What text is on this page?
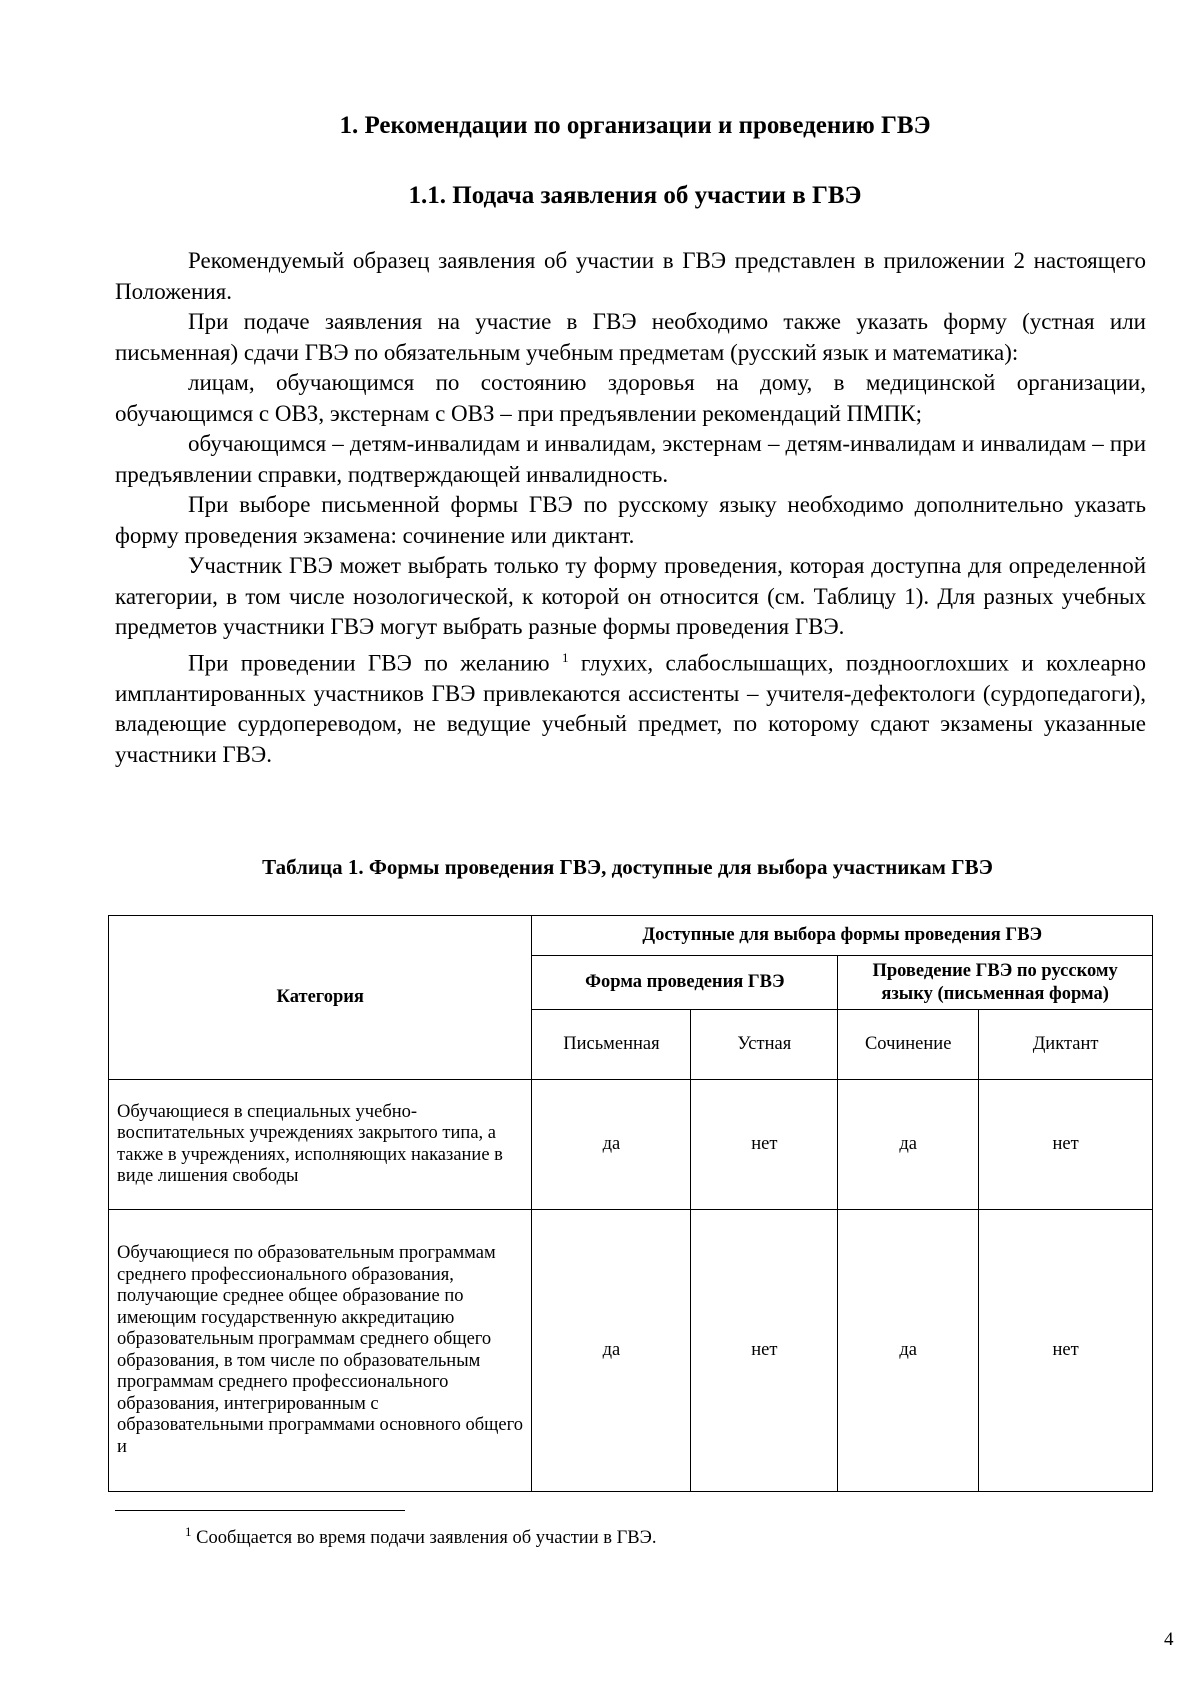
1. Рекомендации по организации и проведению ГВЭ
1.1. Подача заявления об участии в ГВЭ

Рекомендуемый образец заявления об участии в ГВЭ представлен в приложении 2 настоящего Положения.

При подаче заявления на участие в ГВЭ необходимо также указать форму (устная или письменная) сдачи ГВЭ по обязательным учебным предметам (русский язык и математика):

лицам, обучающимся по состоянию здоровья на дому, в медицинской организации, обучающимся с ОВЗ, экстернам с ОВЗ – при предъявлении рекомендаций ПМПК;

обучающимся – детям-инвалидам и инвалидам, экстернам – детям-инвалидам и инвалидам – при предъявлении справки, подтверждающей инвалидность.

При выборе письменной формы ГВЭ по русскому языку необходимо дополнительно указать форму проведения экзамена: сочинение или диктант.

Участник ГВЭ может выбрать только ту форму проведения, которая доступна для определенной категории, в том числе нозологической, к которой он относится (см. Таблицу 1). Для разных учебных предметов участники ГВЭ могут выбрать разные формы проведения ГВЭ.

При проведении ГВЭ по желанию $^1$ глухих, слабослышащих, позднооглохших и кохлеарно имплантированных участников ГВЭ привлекаются ассистенты – учителя-дефектологи (сурдопедагоги), владеющие сурдопереводом, не ведущие учебный предмет, по которому сдают экзамены указанные участники ГВЭ.

Таблица 1. Формы проведения ГВЭ, доступные для выбора участникам ГВЭ
Категория	Доступные для выбора формы проведения ГВЭ			
	Форма проведения ГВЭ		Проведение ГВЭ по русскому языку (письменная форма)	
	Письменная	Устная	Сочинение	Диктант
Обучающиеся в специальных учебно-воспитательных учреждениях закрытого типа, а также в учреждениях, исполняющих наказание в виде лишения свободы	да	нет	да	нет
Обучающиеся по образовательным программам среднего профессионального образования, получающие среднее общее образование по имеющим государственную аккредитацию образовательным программам среднего общего образования, в том числе по образовательным программам среднего профессионального образования, интегрированным с образовательными программами основного общего и	да	нет	да	нет
$^1$ Сообщается во время подачи заявления об участии в ГВЭ.
4
